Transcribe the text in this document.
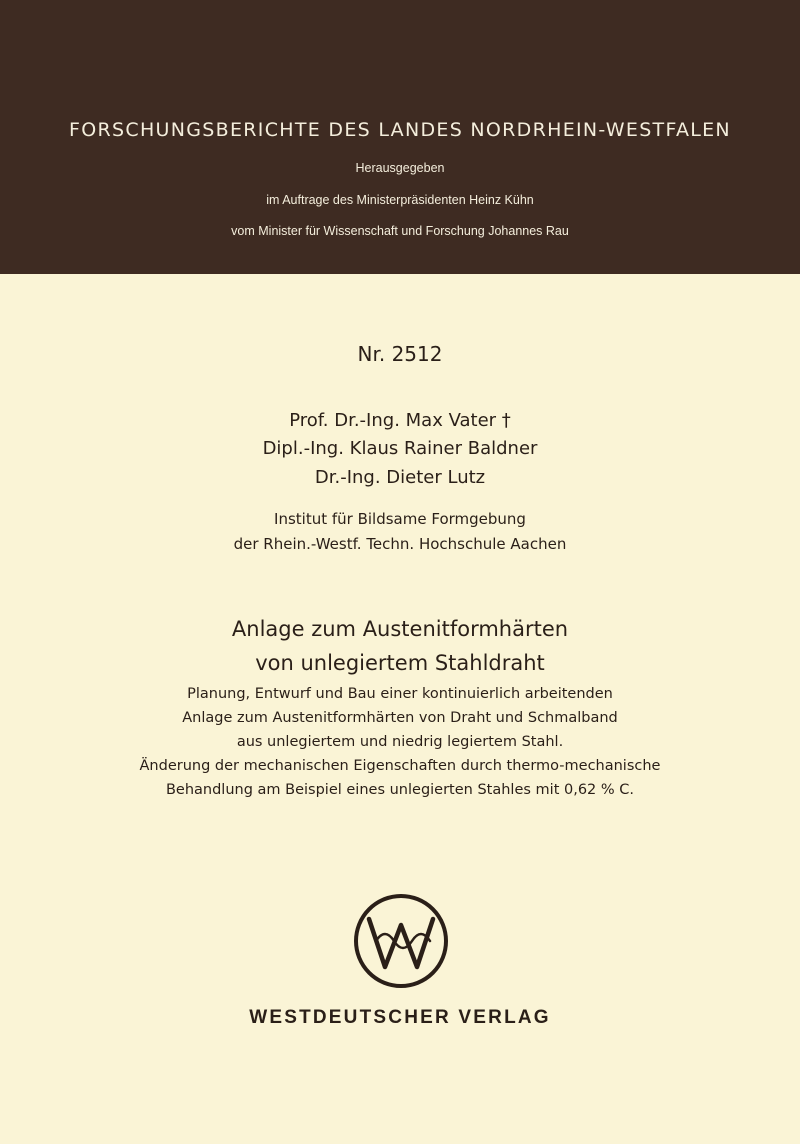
FORSCHUNGSBERICHTE DES LANDES NORDRHEIN-WESTFALEN
Herausgegeben
im Auftrage des Ministerpräsidenten Heinz Kühn
vom Minister für Wissenschaft und Forschung Johannes Rau
Nr. 2512
Prof. Dr.-Ing. Max Vater †
Dipl.-Ing. Klaus Rainer Baldner
Dr.-Ing. Dieter Lutz
Institut für Bildsame Formgebung
der Rhein.-Westf. Techn. Hochschule Aachen
Anlage zum Austenitformhärten
von unlegiertem Stahldraht
Planung, Entwurf und Bau einer kontinuierlich arbeitenden
Anlage zum Austenitformhärten von Draht und Schmalband
aus unlegiertem und niedrig legiertem Stahl.
Änderung der mechanischen Eigenschaften durch thermo-mechanische
Behandlung am Beispiel eines unlegierten Stahles mit 0,62 % C.
WESTDEUTSCHER VERLAG
